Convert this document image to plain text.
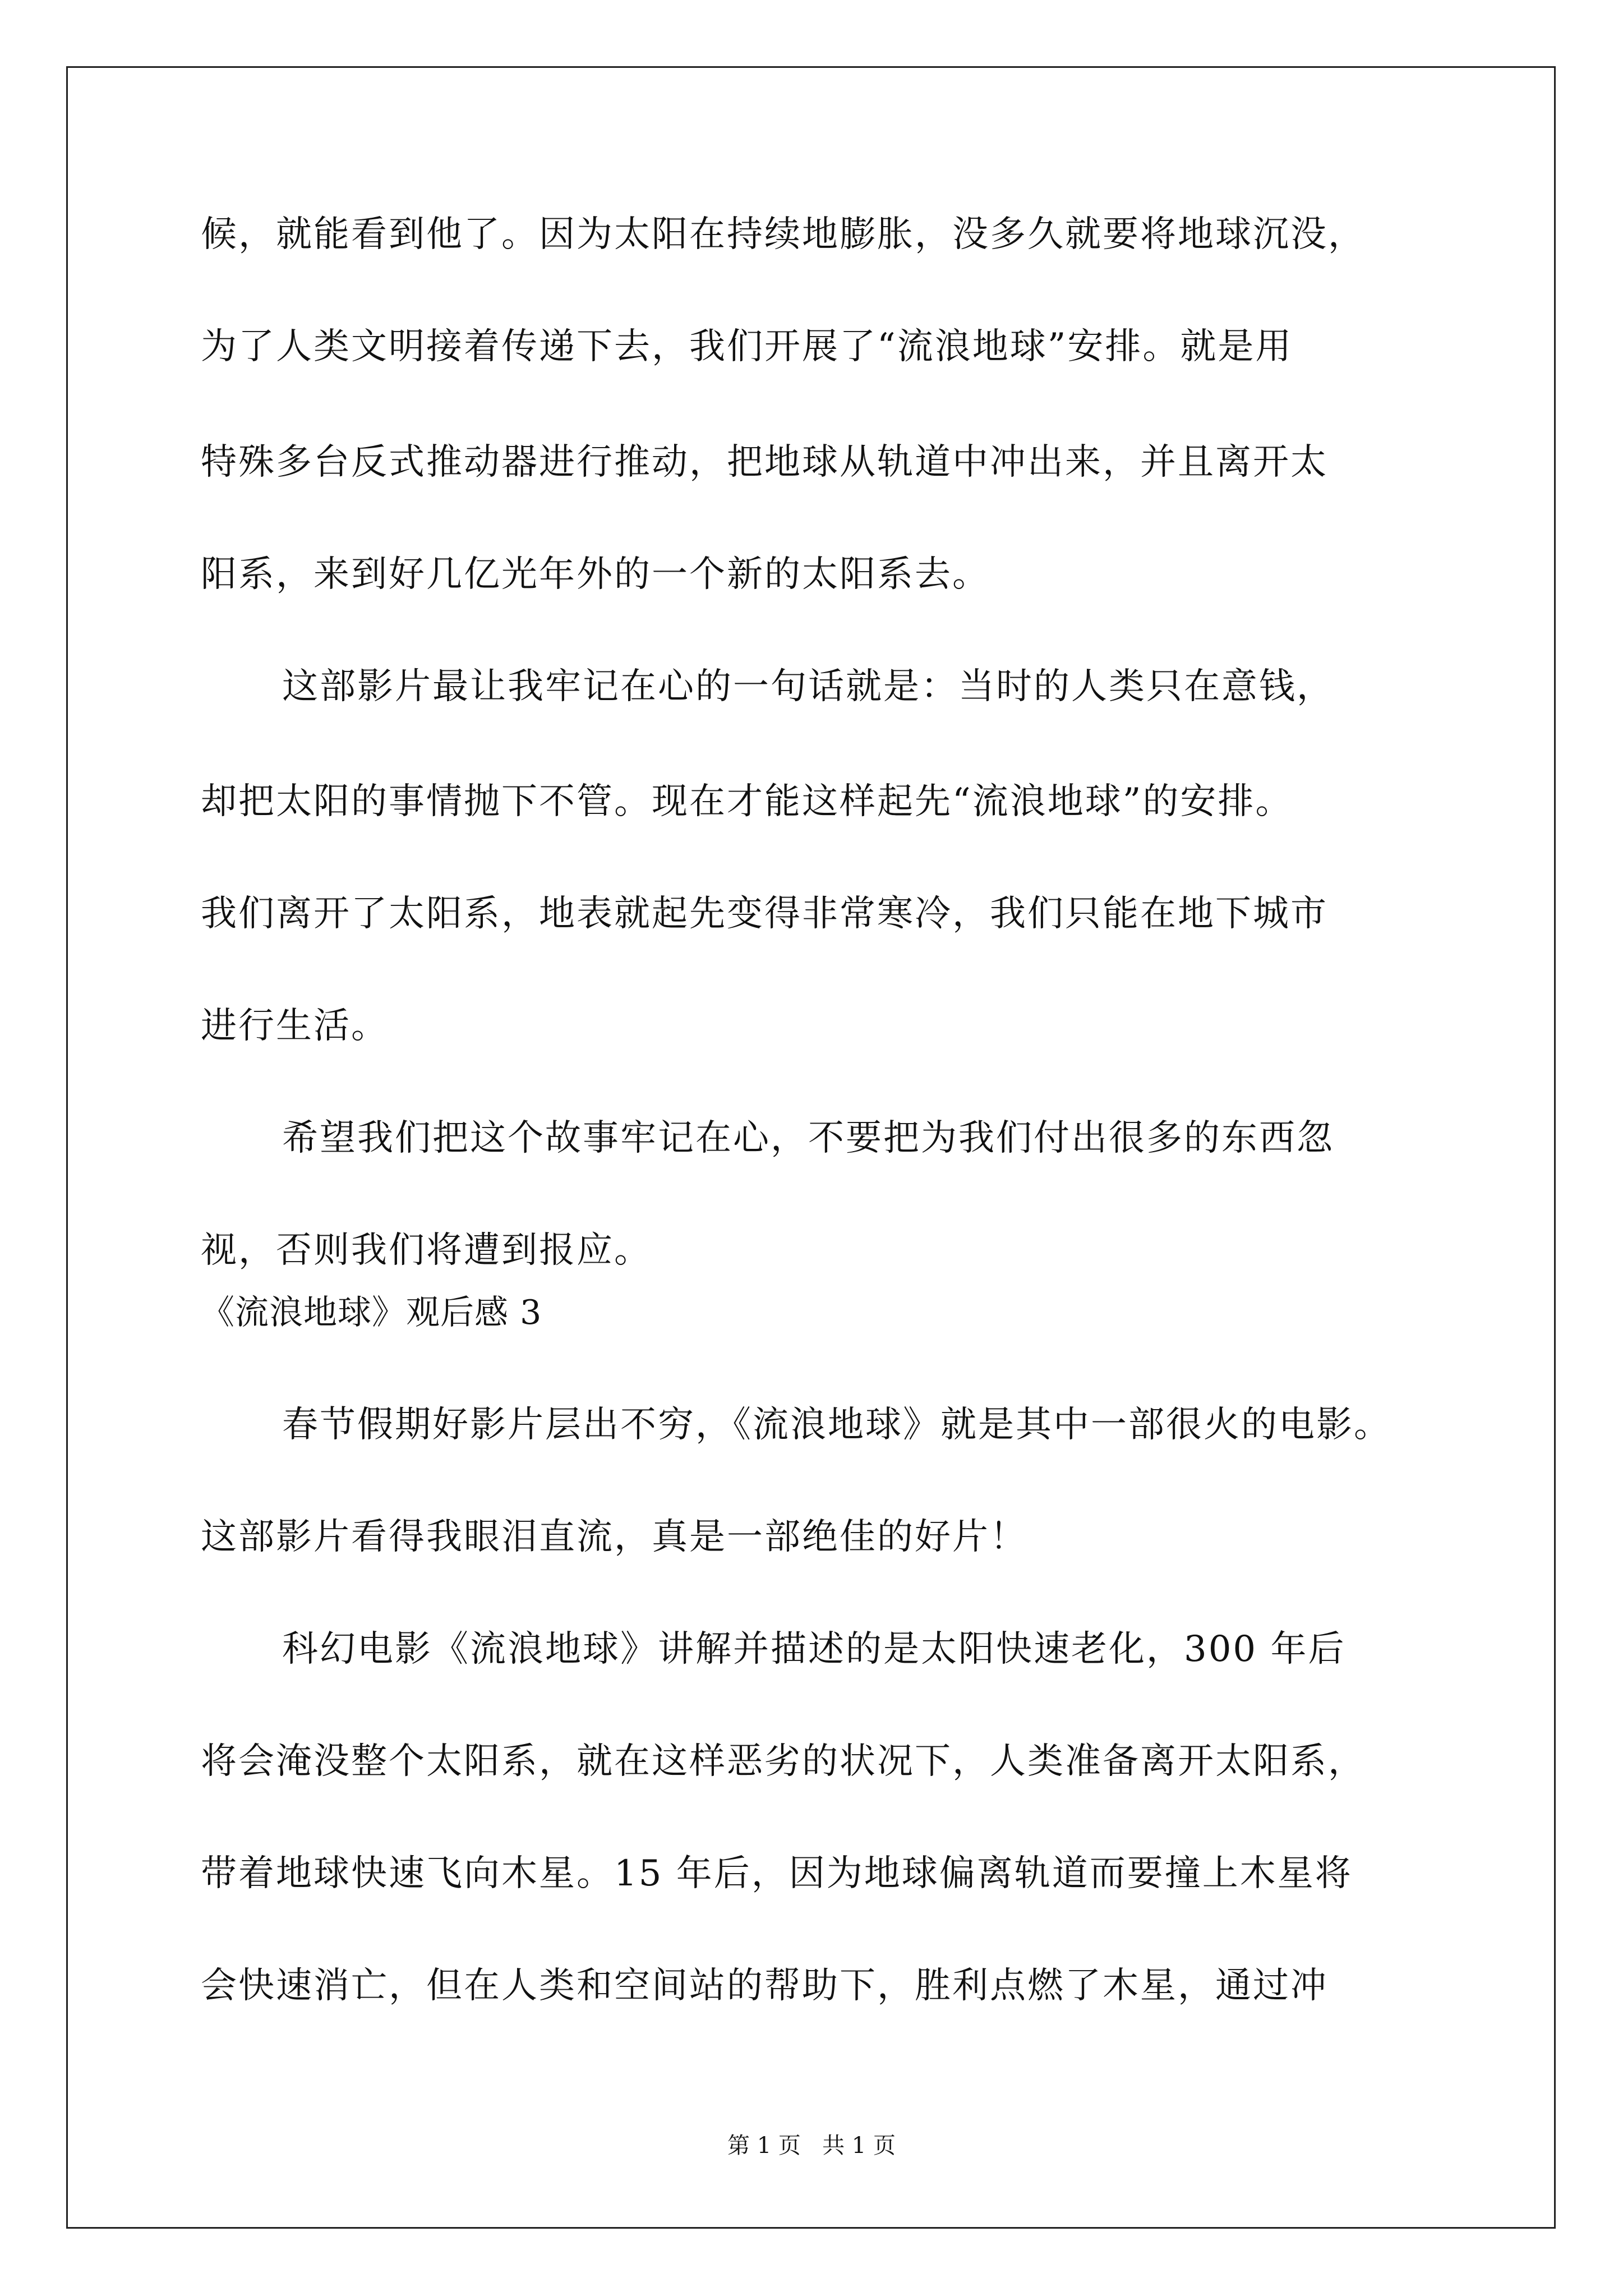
候，就能看到他了。因为太阳在持续地膨胀，没多久就要将地球沉没，
为了人类文明接着传递下去，我们开展了“流浪地球”安排。就是用
特殊多台反式推动器进行推动，把地球从轨道中冲出来，并且离开太
阳系，来到好几亿光年外的一个新的太阳系去。
这部影片最让我牢记在心的一句话就是：当时的人类只在意钱，
却把太阳的事情抛下不管。现在才能这样起先“流浪地球”的安排。
我们离开了太阳系，地表就起先变得非常寒冷，我们只能在地下城市
进行生活。
希望我们把这个故事牢记在心，不要把为我们付出很多的东西忽
视，否则我们将遭到报应。
《流浪地球》观后感 3
春节假期好影片层出不穷，《流浪地球》就是其中一部很火的电影。
这部影片看得我眼泪直流，真是一部绝佳的好片！
科幻电影《流浪地球》讲解并描述的是太阳快速老化，300 年后
将会淹没整个太阳系，就在这样恶劣的状况下，人类准备离开太阳系，
带着地球快速飞向木星。15 年后，因为地球偏离轨道而要撞上木星将
会快速消亡，但在人类和空间站的帮助下，胜利点燃了木星，通过冲
第 1 页   共 1 页
